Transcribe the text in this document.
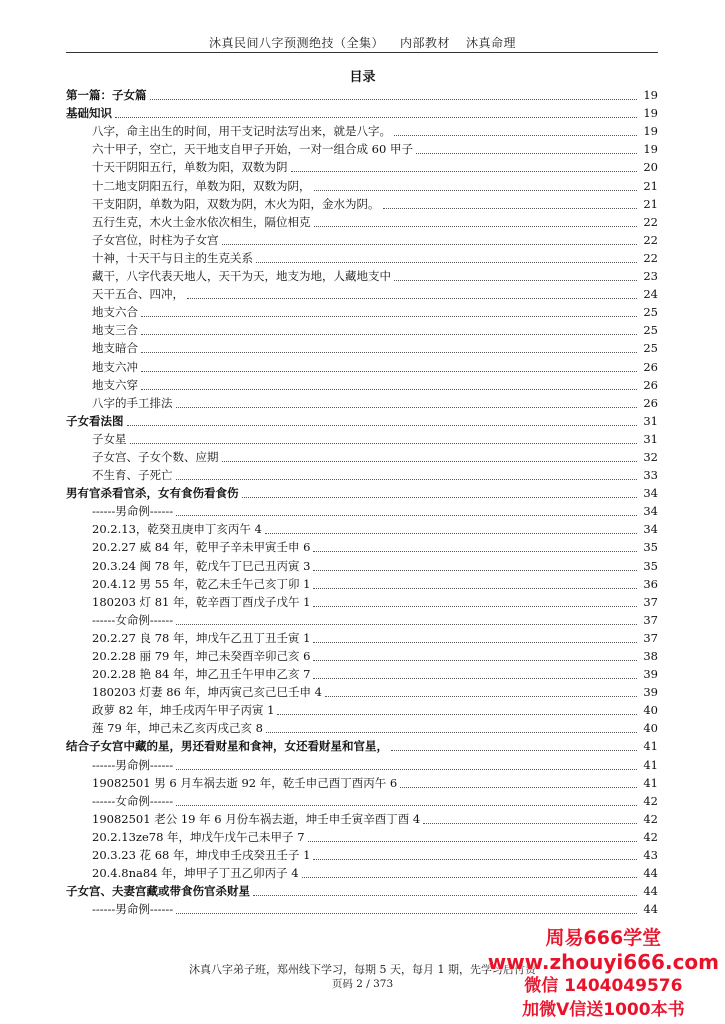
沐真民间八字预测绝技（全集） 内部教材 沐真命理
目录
第一篇：子女篇	19
基础知识	19
八字，命主出生的时间，用干支记时法写出来，就是八字。	19
六十甲子，空亡，天干地支自甲子开始，一对一组合成 60 甲子	19
十天干阴阳五行，单数为阳，双数为阴	20
十二地支阴阳五行，单数为阳，双数为阴，	21
干支阳阴，单数为阳，双数为阴，木火为阳，金水为阴。	21
五行生克，木火土金水依次相生，隔位相克	22
子女宫位，时柱为子女宫	22
十神，十天干与日主的生克关系	22
藏干，八字代表天地人，天干为天，地支为地，人藏地支中	23
天干五合、四冲，	24
地支六合	25
地支三合	25
地支暗合	25
地支六冲	26
地支六穿	26
八字的手工排法	26
子女看法图	31
子女星	31
子女宫、子女个数、应期	32
不生育、子死亡	33
男有官杀看官杀，女有食伤看食伤	34
------男命例------	34
20.2.13，乾癸丑庚申丁亥丙午 4	34
20.2.27 威 84 年，乾甲子辛未甲寅壬申 6	35
20.3.24 闽 78 年，乾戊午丁巳己丑丙寅 3	35
20.4.12 男 55 年，乾乙未壬午己亥丁卯 1	36
180203 灯 81 年，乾辛酉丁酉戊子戊午 1	37
------女命例------	37
20.2.27 良 78 年，坤戊午乙丑丁丑壬寅 1	37
20.2.28 丽 79 年，坤己未癸酉辛卯己亥 6	38
20.2.28 艳 84 年，坤乙丑壬午甲申乙亥 7	39
180203 灯妻 86 年，坤丙寅己亥己巳壬申 4	39
政萝 82 年，坤壬戌丙午甲子丙寅 1	40
莲 79 年，坤己未乙亥丙戌己亥 8	40
结合子女宫中藏的星，男还看财星和食神，女还看财星和官星，	41
------男命例------	41
19082501 男 6 月车祸去逝 92 年，乾壬申己酉丁酉丙午 6	41
------女命例------	42
19082501 老公 19 年 6 月份车祸去逝，坤壬申壬寅辛酉丁酉 4	42
20.2.13ze78 年，坤戊午戊午己未甲子 7	42
20.3.23 花 68 年，坤戊申壬戌癸丑壬子 1	43
20.4.8na84 年，坤甲子丁丑乙卯丙子 4	44
子女宫、夫妻宫藏或带食伤官杀财星	44
------男命例------	44
沐真八字弟子班，郑州线下学习，每期 5 天，每月 1 期，先学习后付费
页码 2 / 373
周易666学堂
www.zhouyi666.com
微信 1404049576
加微V信送1000本书
